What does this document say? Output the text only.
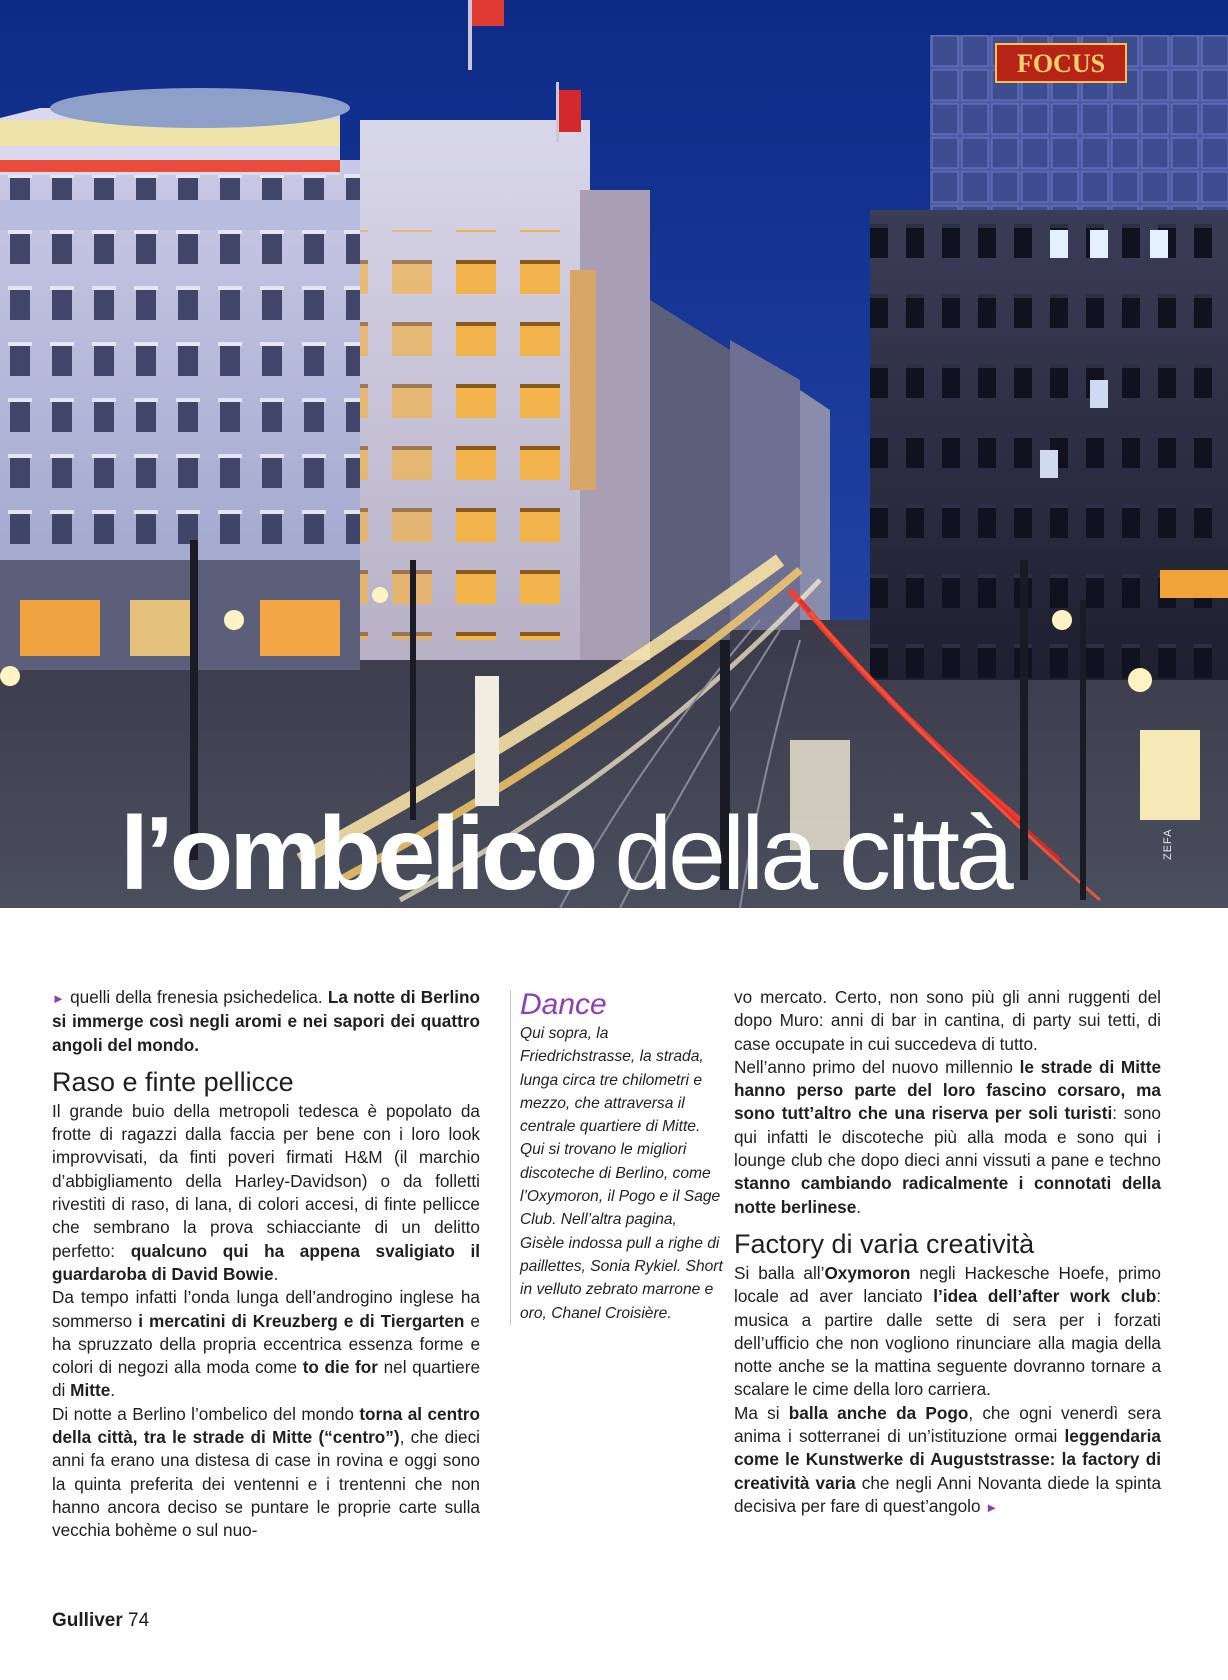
FOCUS
l’ombelico della città	ZEFA

► quelli della frenesia psichedelica. La notte di Berlino si immerge così negli aromi e nei sapori dei quattro angoli del mondo.

Raso e finte pellicce

Il grande buio della metropoli tedesca è popolato da frotte di ragazzi dalla faccia per bene con i loro look improvvisati, da finti poveri firmati H&M (il marchio d’abbigliamento della Harley-Davidson) o da folletti rivestiti di raso, di lana, di colori accesi, di finte pellicce che sembrano la prova schiacciante di un delitto perfetto: qualcuno qui ha appena svaligiato il guardaroba di David Bowie.

Da tempo infatti l’onda lunga dell’androgino inglese ha sommerso i mercatini di Kreuzberg e di Tiergarten e ha spruzzato della propria eccentrica essenza forme e colori di negozi alla moda come to die for nel quartiere di Mitte.

Di notte a Berlino l’ombelico del mondo torna al centro della città, tra le strade di Mitte (“centro”), che dieci anni fa erano una distesa di case in rovina e oggi sono la quinta preferita dei ventenni e i trentenni che non hanno ancora deciso se puntare le proprie carte sulla vecchia bohème o sul nuo-

Dance
Qui sopra, la Friedrichstrasse, la strada, lunga circa tre chilometri e mezzo, che attraversa il centrale quartiere di Mitte. Qui si trovano le migliori discoteche di Berlino, come l’Oxymoron, il Pogo e il Sage Club. Nell’altra pagina, Gisèle indossa pull a righe di paillettes, Sonia Rykiel. Short in velluto zebrato marrone e oro, Chanel Croisière.

vo mercato. Certo, non sono più gli anni ruggenti del dopo Muro: anni di bar in cantina, di party sui tetti, di case occupate in cui succedeva di tutto.

Nell’anno primo del nuovo millennio le strade di Mitte hanno perso parte del loro fascino corsaro, ma sono tutt’altro che una riserva per soli turisti: sono qui infatti le discoteche più alla moda e sono qui i lounge club che dopo dieci anni vissuti a pane e techno stanno cambiando radicalmente i connotati della notte berlinese.

Factory di varia creatività

Si balla all’Oxymoron negli Hackesche Hoefe, primo locale ad aver lanciato l’idea dell’after work club: musica a partire dalle sette di sera per i forzati dell’ufficio che non vogliono rinunciare alla magia della notte anche se la mattina seguente dovranno tornare a scalare le cime della loro carriera.

Ma si balla anche da Pogo, che ogni venerdì sera anima i sotterranei di un’istituzione ormai leggendaria come le Kunstwerke di Auguststrasse: la factory di creatività varia che negli Anni Novanta diede la spinta decisiva per fare di quest’angolo ►

Gulliver 74
